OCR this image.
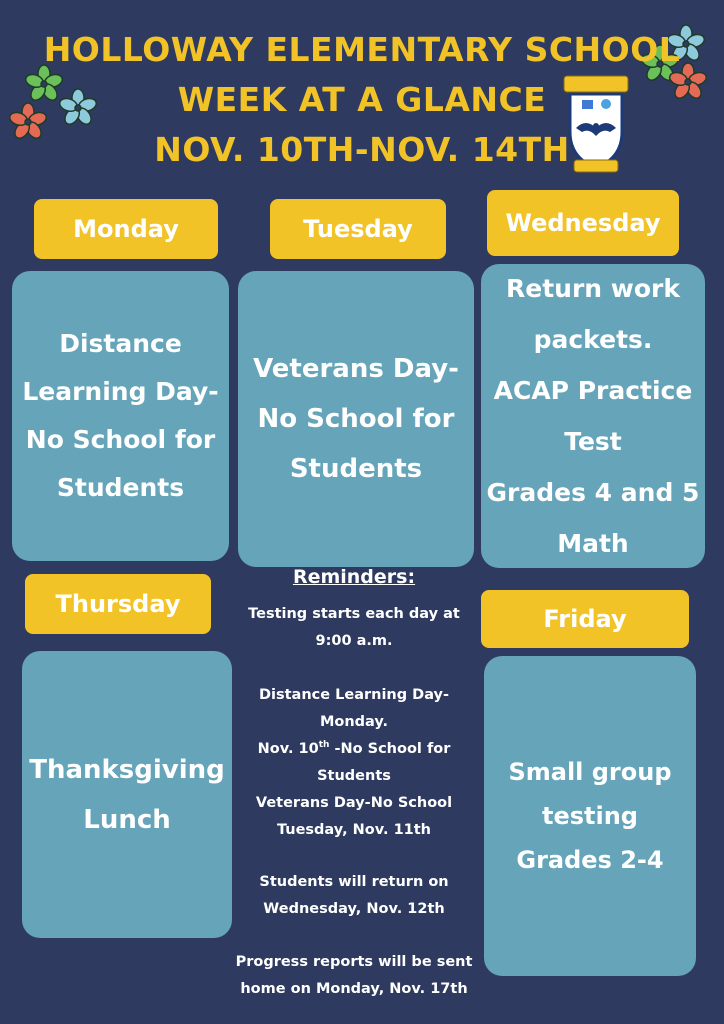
HOLLOWAY ELEMENTARY SCHOOL
WEEK AT A GLANCE
NOV. 10TH-NOV. 14TH
Monday
Distance
Learning Day-
No School for
Students
Tuesday
Veterans Day-
No School for
Students
Wednesday
Return work
packets.
ACAP Practice
Test
Grades 4 and 5
Math
Thursday
Thanksgiving
Lunch
Friday
Small group
testing
Grades 2-4
Reminders:
Testing starts each day at
9:00 a.m.
Distance Learning Day-Monday.
Nov. 10th -No School for
Students
Veterans Day-No School
Tuesday, Nov. 11th
Students will return on
Wednesday, Nov. 12th
Progress reports will be sent
home on Monday, Nov. 17th
